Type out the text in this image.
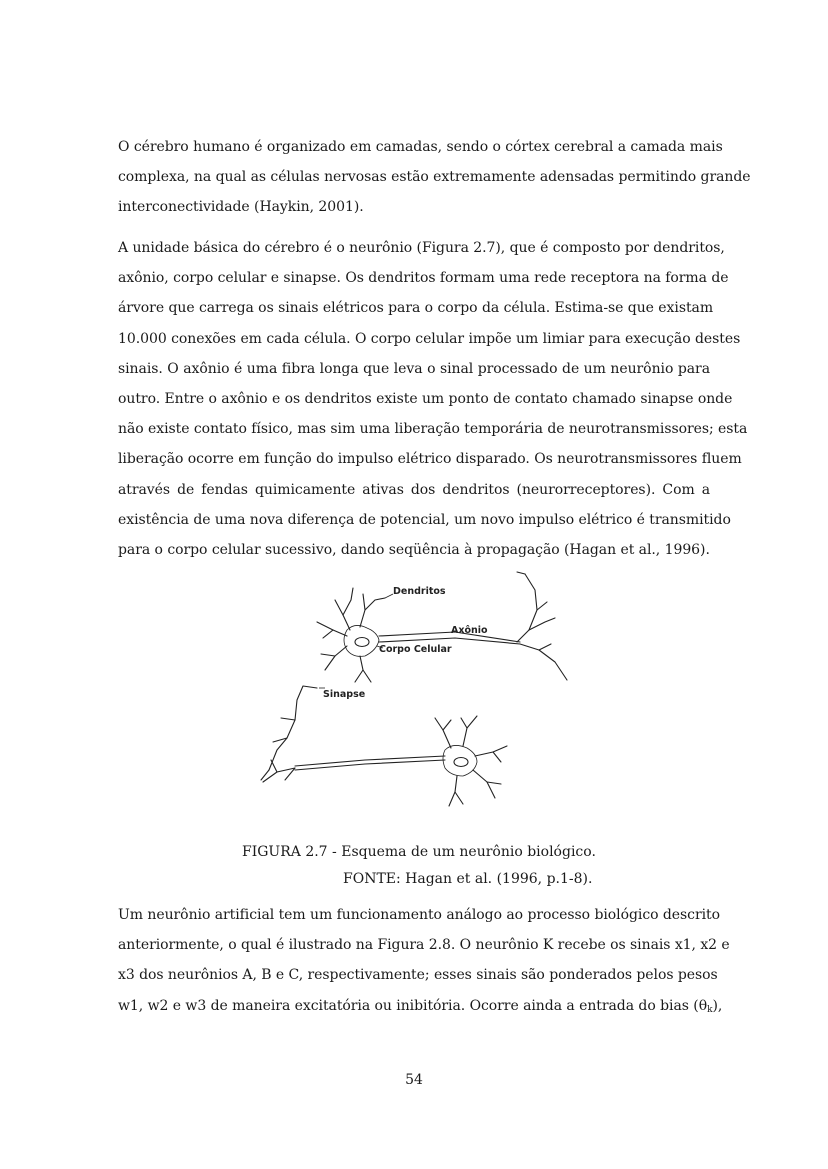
O cérebro humano é organizado em camadas, sendo o córtex cerebral a camada mais
complexa, na qual as células nervosas estão extremamente adensadas permitindo grande
interconectividade (Haykin, 2001).
A unidade básica do cérebro é o neurônio (Figura 2.7), que é composto por dendritos,
axônio, corpo celular e sinapse. Os dendritos formam uma rede receptora na forma de
árvore que carrega os sinais elétricos para o corpo da célula. Estima-se que existam
10.000 conexões em cada célula. O corpo celular impõe um limiar para execução destes
sinais. O axônio é uma fibra longa que leva o sinal processado de um neurônio para
outro. Entre o axônio e os dendritos existe um ponto de contato chamado sinapse onde
não existe contato físico, mas sim uma liberação temporária de neurotransmissores; esta
liberação ocorre em função do impulso elétrico disparado. Os neurotransmissores fluem
através de fendas quimicamente ativas dos dendritos (neurorreceptores). Com a
existência de uma nova diferença de potencial, um novo impulso elétrico é transmitido
para o corpo celular sucessivo, dando seqüência à propagação (Hagan et al., 1996).
Dendritos
Axônio
Corpo Celular
Sinapse
FIGURA 2.7 - Esquema de um neurônio biológico.
FONTE: Hagan et al. (1996, p.1-8).
Um neurônio artificial tem um funcionamento análogo ao processo biológico descrito
anteriormente, o qual é ilustrado na Figura 2.8. O neurônio K recebe os sinais x1, x2 e
x3 dos neurônios A, B e C, respectivamente; esses sinais são ponderados pelos pesos
w1, w2 e w3 de maneira excitatória ou inibitória. Ocorre ainda a entrada do bias $(\theta_k)$,
54
